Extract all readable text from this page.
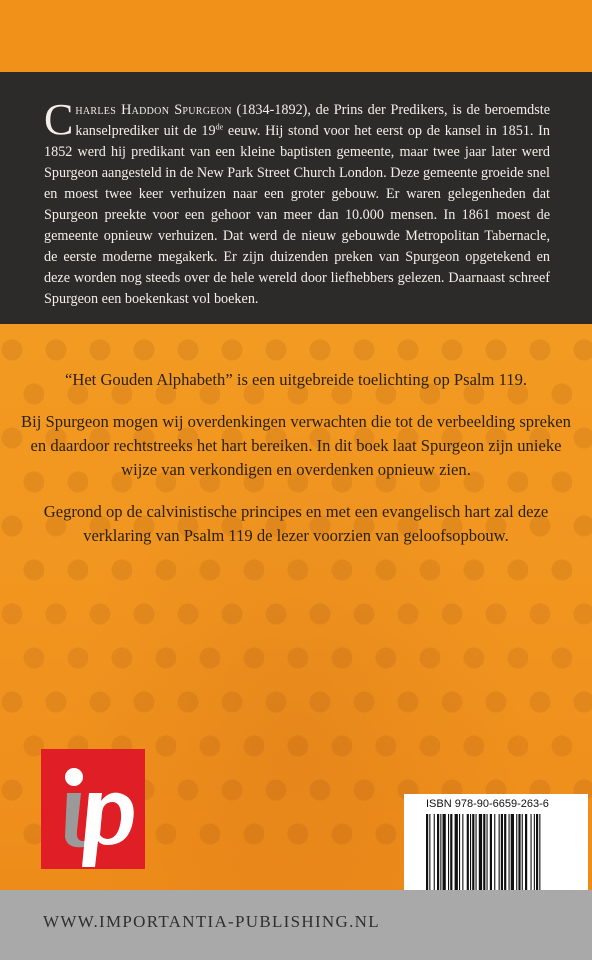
Charles Haddon Spurgeon (1834-1892), de Prins der Predikers, is de beroemdste kanselprediker uit de 19de eeuw. Hij stond voor het eerst op de kansel in 1851. In 1852 werd hij predikant van een kleine baptisten gemeente, maar twee jaar later werd Spurgeon aangesteld in de New Park Street Church London. Deze gemeente groeide snel en moest twee keer verhuizen naar een groter gebouw. Er waren gelegenheden dat Spurgeon preekte voor een gehoor van meer dan 10.000 mensen. In 1861 moest de gemeente opnieuw verhuizen. Dat werd de nieuw gebouwde Metropolitan Tabernacle, de eerste moderne megakerk. Er zijn duizenden preken van Spurgeon opgetekend en deze worden nog steeds over de hele wereld door liefhebbers gelezen. Daarnaast schreef Spurgeon een boekenkast vol boeken.

“Het Gouden Alphabeth” is een uitgebreide toelichting op Psalm 119.

Bij Spurgeon mogen wij overdenkingen verwachten die tot de verbeelding spreken en daardoor rechtstreeks het hart bereiken. In dit boek laat Spurgeon zijn unieke wijze van verkondigen en overdenken opnieuw zien.

Gegrond op de calvinistische principes en met een evangelisch hart zal deze verklaring van Psalm 119 de lezer voorzien van geloofsopbouw.

ISBN 978-90-6659-263-6
WWW.IMPORTANTIA-PUBLISHING.NL
